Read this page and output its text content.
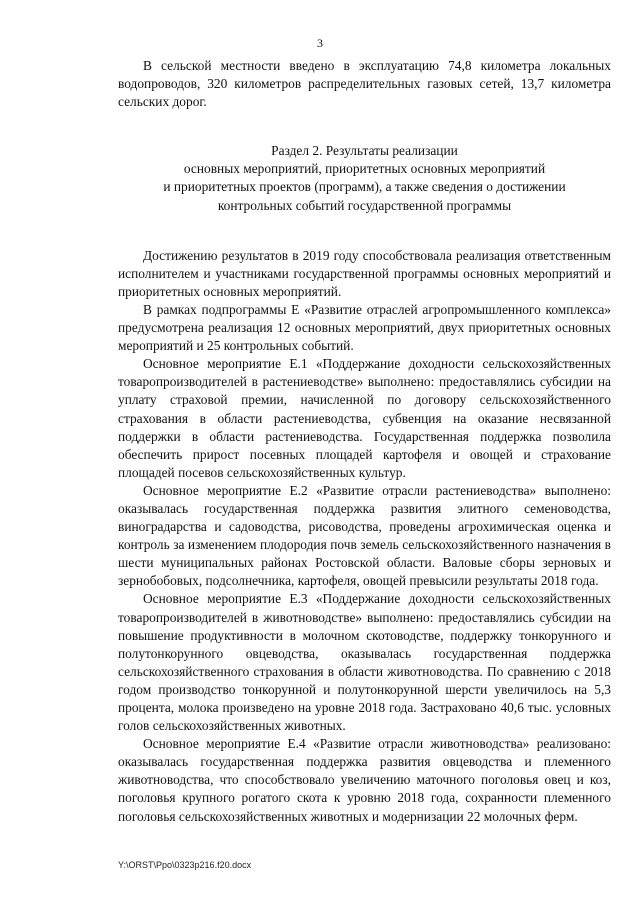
3

В сельской местности введено в эксплуатацию 74,8 километра локальных водопроводов, 320 километров распределительных газовых сетей, 13,7 километра сельских дорог.

Раздел 2. Результаты реализации
основных мероприятий, приоритетных основных мероприятий
и приоритетных проектов (программ), а также сведения о достижении
контрольных событий государственной программы

Достижению результатов в 2019 году способствовала реализация ответственным исполнителем и участниками государственной программы основных мероприятий и приоритетных основных мероприятий.

В рамках подпрограммы Е «Развитие отраслей агропромышленного комплекса» предусмотрена реализация 12 основных мероприятий, двух приоритетных основных мероприятий и 25 контрольных событий.

Основное мероприятие Е.1 «Поддержание доходности сельскохозяйственных товаропроизводителей в растениеводстве» выполнено: предоставлялись субсидии на уплату страховой премии, начисленной по договору сельскохозяйственного страхования в области растениеводства, субвенция на оказание несвязанной поддержки в области растениеводства. Государственная поддержка позволила обеспечить прирост посевных площадей картофеля и овощей и страхование площадей посевов сельскохозяйственных культур.

Основное мероприятие Е.2 «Развитие отрасли растениеводства» выполнено: оказывалась государственная поддержка развития элитного семеноводства, виноградарства и садоводства, рисоводства, проведены агрохимическая оценка и контроль за изменением плодородия почв земель сельскохозяйственного назначения в шести муниципальных районах Ростовской области. Валовые сборы зерновых и зернобобовых, подсолнечника, картофеля, овощей превысили результаты 2018 года.

Основное мероприятие Е.3 «Поддержание доходности сельскохозяйственных товаропроизводителей в животноводстве» выполнено: предоставлялись субсидии на повышение продуктивности в молочном скотоводстве, поддержку тонкорунного и полутонкорунного овцеводства, оказывалась государственная поддержка сельскохозяйственного страхования в области животноводства. По сравнению с 2018 годом производство тонкорунной и полутонкорунной шерсти увеличилось на 5,3 процента, молока произведено на уровне 2018 года. Застраховано 40,6 тыс. условных голов сельскохозяйственных животных.

Основное мероприятие Е.4 «Развитие отрасли животноводства» реализовано: оказывалась государственная поддержка развития овцеводства и племенного животноводства, что способствовало увеличению маточного поголовья овец и коз, поголовья крупного рогатого скота к уровню 2018 года, сохранности племенного поголовья сельскохозяйственных животных и модернизации 22 молочных ферм.

Y:\ORST\Ppo\0323p216.f20.docx
